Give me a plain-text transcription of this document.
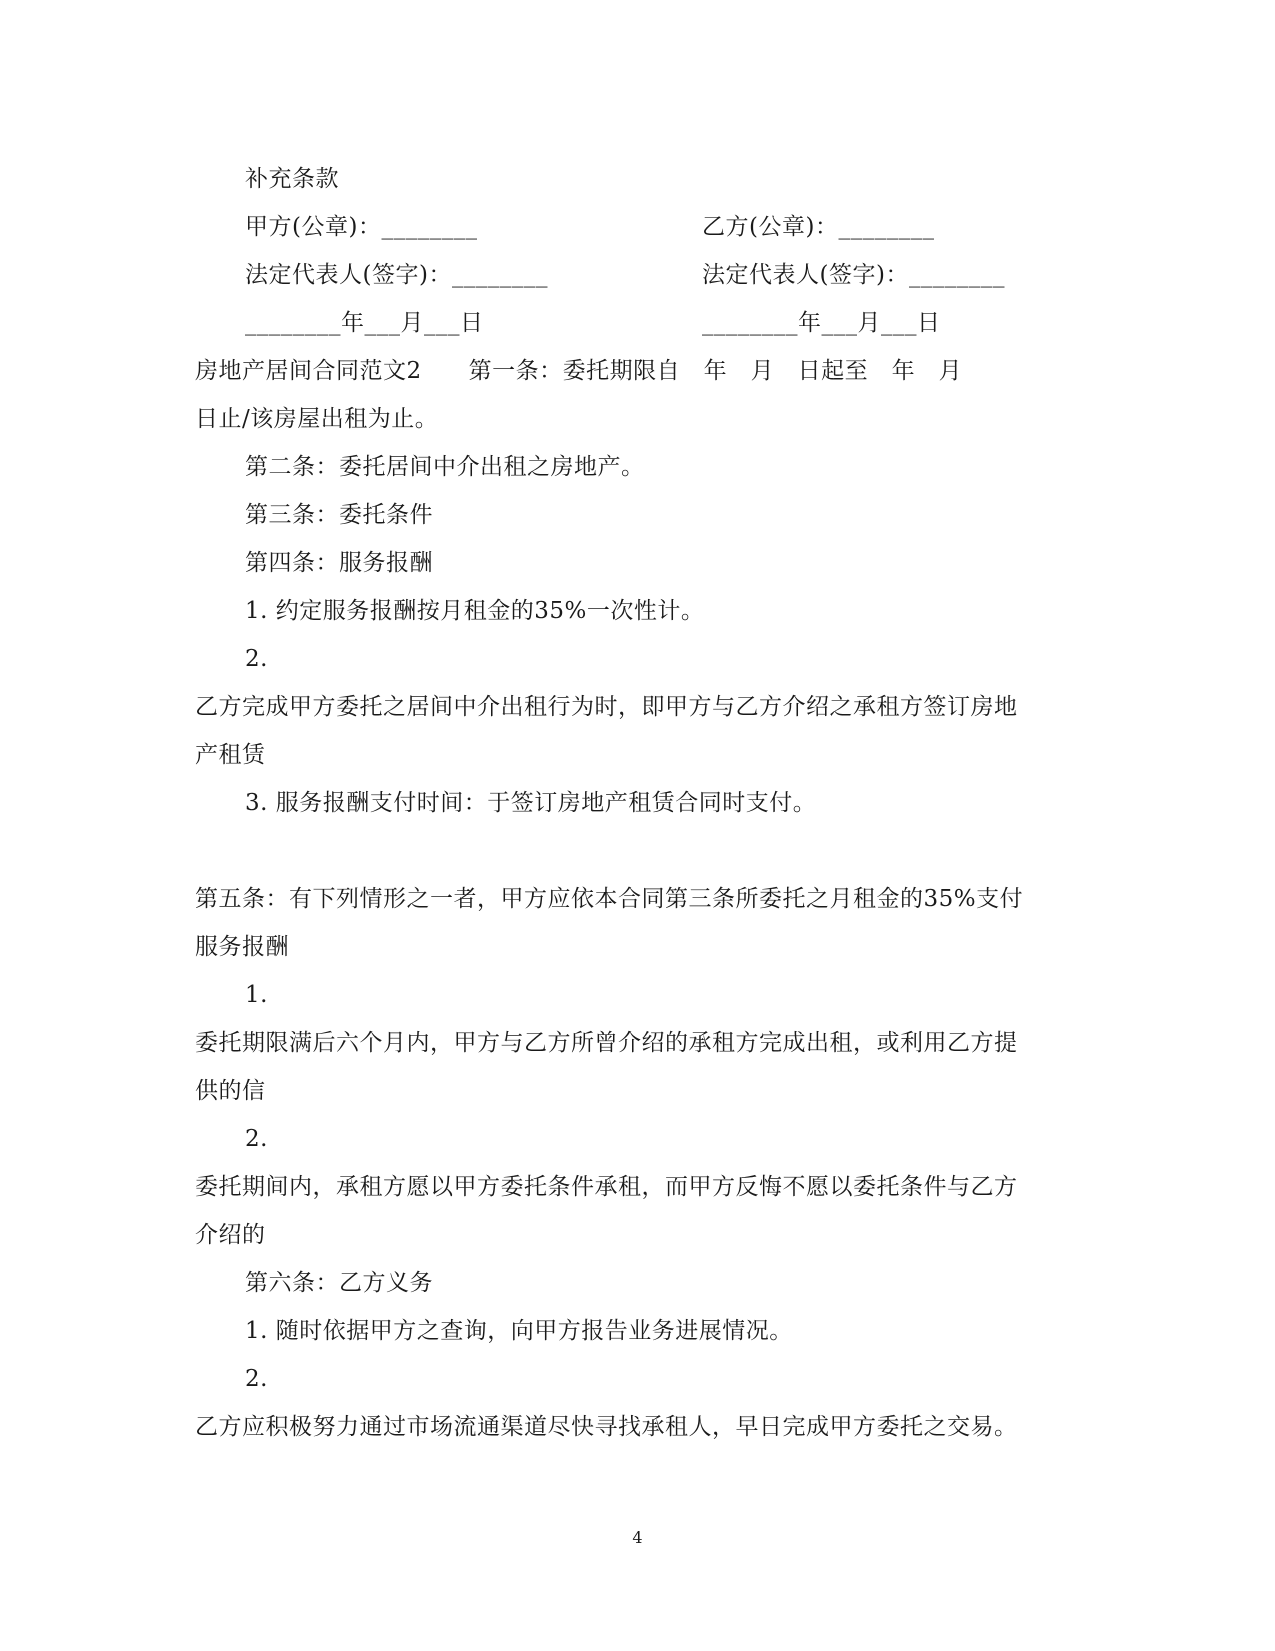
补充条款
甲方(公章)：________	乙方(公章)：________
法定代表人(签字)：________	法定代表人(签字)：________
________年___月___日	________年___月___日
房地产居间合同范文2　　第一条：委托期限自　年　月　日起至　年　月
日止/该房屋出租为止。
第二条：委托居间中介出租之房地产。
第三条：委托条件
第四条：服务报酬
1. 约定服务报酬按月租金的35%一次性计。
2.
乙方完成甲方委托之居间中介出租行为时，即甲方与乙方介绍之承租方签订房地
产租赁
3. 服务报酬支付时间：于签订房地产租赁合同时支付。
第五条：有下列情形之一者，甲方应依本合同第三条所委托之月租金的35%支付
服务报酬
1.
委托期限满后六个月内，甲方与乙方所曾介绍的承租方完成出租，或利用乙方提
供的信
2.
委托期间内，承租方愿以甲方委托条件承租，而甲方反悔不愿以委托条件与乙方
介绍的
第六条：乙方义务
1. 随时依据甲方之查询，向甲方报告业务进展情况。
2.
乙方应积极努力通过市场流通渠道尽快寻找承租人，早日完成甲方委托之交易。
4
